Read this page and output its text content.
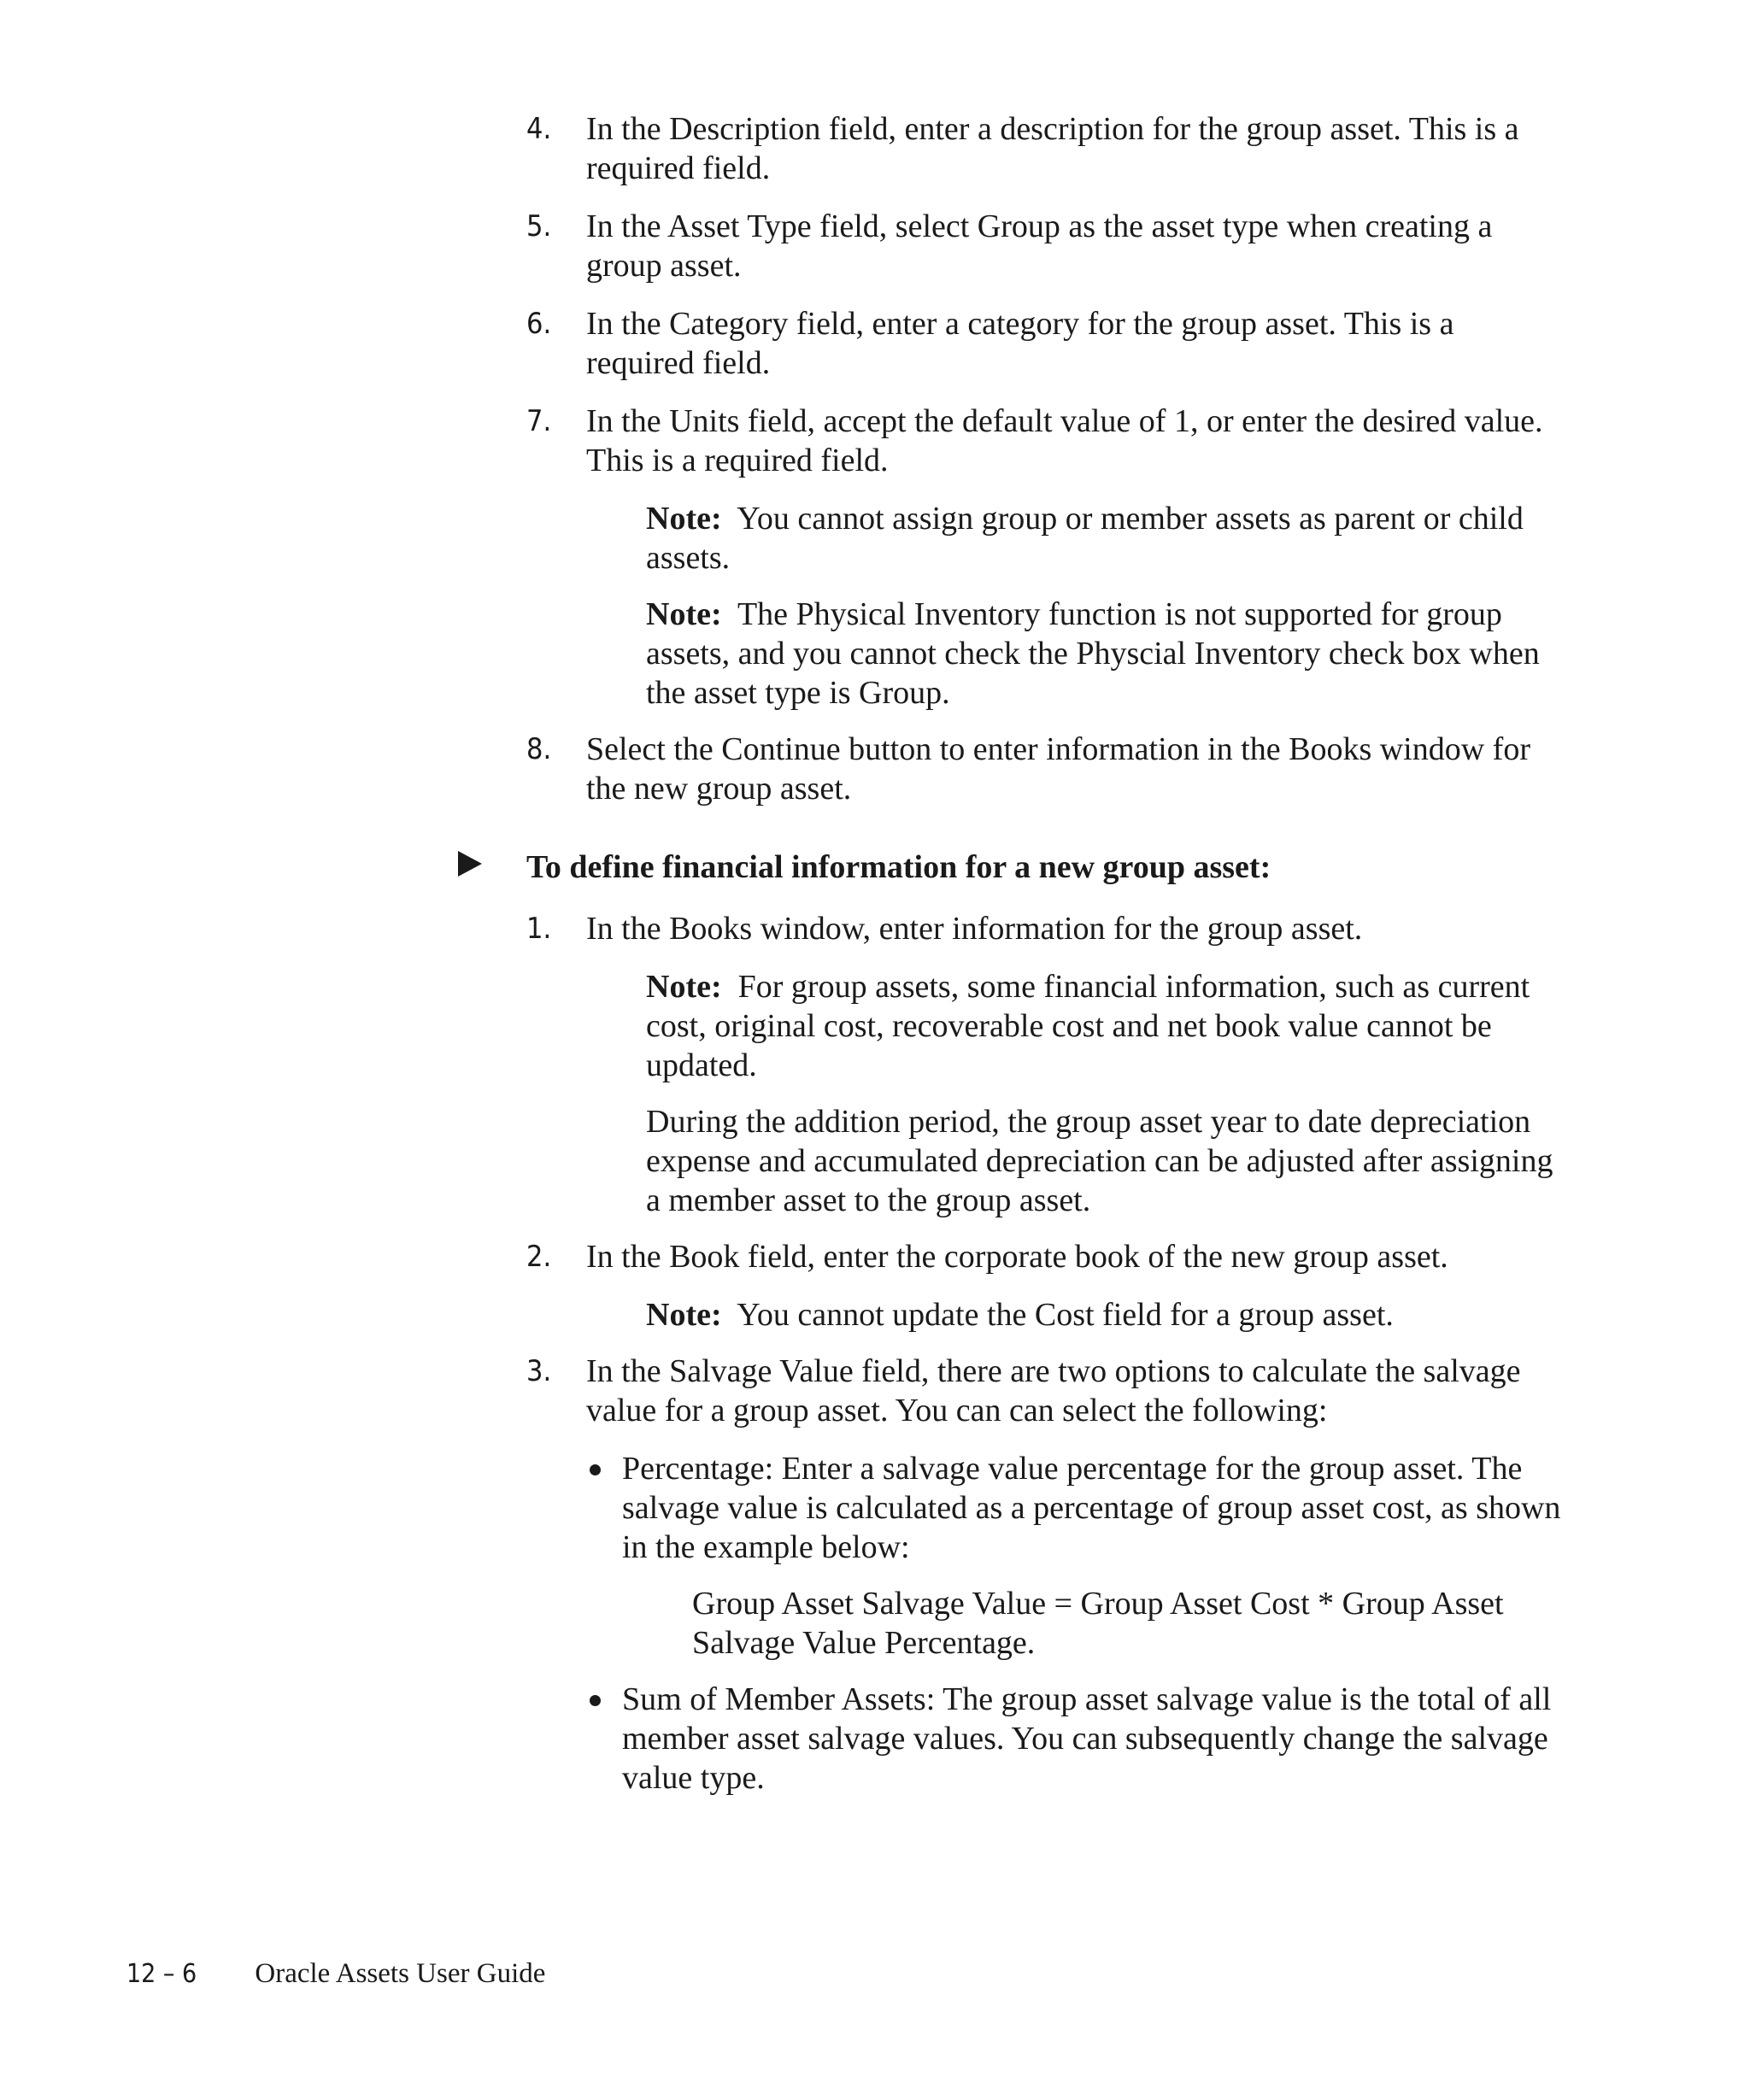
4. In the Description field, enter a description for the group asset. This is a required field.
5. In the Asset Type field, select Group as the asset type when creating a group asset.
6. In the Category field, enter a category for the group asset. This is a required field.
7. In the Units field, accept the default value of 1, or enter the desired value. This is a required field.
Note: You cannot assign group or member assets as parent or child assets.
Note: The Physical Inventory function is not supported for group assets, and you cannot check the Physcial Inventory check box when the asset type is Group.
8. Select the Continue button to enter information in the Books window for the new group asset.
To define financial information for a new group asset:
1. In the Books window, enter information for the group asset.
Note: For group assets, some financial information, such as current cost, original cost, recoverable cost and net book value cannot be updated.
During the addition period, the group asset year to date depreciation expense and accumulated depreciation can be adjusted after assigning a member asset to the group asset.
2. In the Book field, enter the corporate book of the new group asset.
Note: You cannot update the Cost field for a group asset.
3. In the Salvage Value field, there are two options to calculate the salvage value for a group asset. You can can select the following:
Percentage: Enter a salvage value percentage for the group asset. The salvage value is calculated as a percentage of group asset cost, as shown in the example below:
Group Asset Salvage Value = Group Asset Cost * Group Asset Salvage Value Percentage.
Sum of Member Assets: The group asset salvage value is the total of all member asset salvage values. You can subsequently change the salvage value type.
12 – 6 Oracle Assets User Guide
